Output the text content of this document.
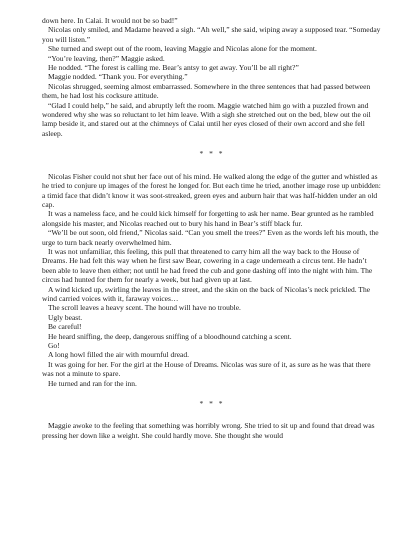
down here. In Calai. It would not be so bad!”

Nicolas only smiled, and Madame heaved a sigh. “Ah well,” she said, wiping away a supposed tear. “Someday you will listen.”

She turned and swept out of the room, leaving Maggie and Nicolas alone for the moment.

“You’re leaving, then?” Maggie asked.

He nodded. “The forest is calling me. Bear’s antsy to get away. You’ll be all right?”

Maggie nodded. “Thank you. For everything.”

Nicolas shrugged, seeming almost embarrassed. Somewhere in the three sentences that had passed between them, he had lost his cocksure attitude.

“Glad I could help,” he said, and abruptly left the room. Maggie watched him go with a puzzled frown and wondered why she was so reluctant to let him leave. With a sigh she stretched out on the bed, blew out the oil lamp beside it, and stared out at the chimneys of Calai until her eyes closed of their own accord and she fell asleep.

* * *

Nicolas Fisher could not shut her face out of his mind. He walked along the edge of the gutter and whistled as he tried to conjure up images of the forest he longed for. But each time he tried, another image rose up unbidden: a timid face that didn’t know it was soot-streaked, green eyes and auburn hair that was half-hidden under an old cap.

It was a nameless face, and he could kick himself for forgetting to ask her name. Bear grunted as he rambled alongside his master, and Nicolas reached out to bury his hand in Bear’s stiff black fur.

“We’ll be out soon, old friend,” Nicolas said. “Can you smell the trees?” Even as the words left his mouth, the urge to turn back nearly overwhelmed him.

It was not unfamiliar, this feeling, this pull that threatened to carry him all the way back to the House of Dreams. He had felt this way when he first saw Bear, cowering in a cage underneath a circus tent. He hadn’t been able to leave then either; not until he had freed the cub and gone dashing off into the night with him. The circus had hunted for them for nearly a week, but had given up at last.

A wind kicked up, swirling the leaves in the street, and the skin on the back of Nicolas’s neck prickled. The wind carried voices with it, faraway voices…

The scroll leaves a heavy scent. The hound will have no trouble.

Ugly beast.

Be careful!

He heard sniffing, the deep, dangerous sniffing of a bloodhound catching a scent.

Go!

A long howl filled the air with mournful dread.

It was going for her. For the girl at the House of Dreams. Nicolas was sure of it, as sure as he was that there was not a minute to spare.

He turned and ran for the inn.

* * *

Maggie awoke to the feeling that something was horribly wrong. She tried to sit up and found that dread was pressing her down like a weight. She could hardly move. She thought she would
